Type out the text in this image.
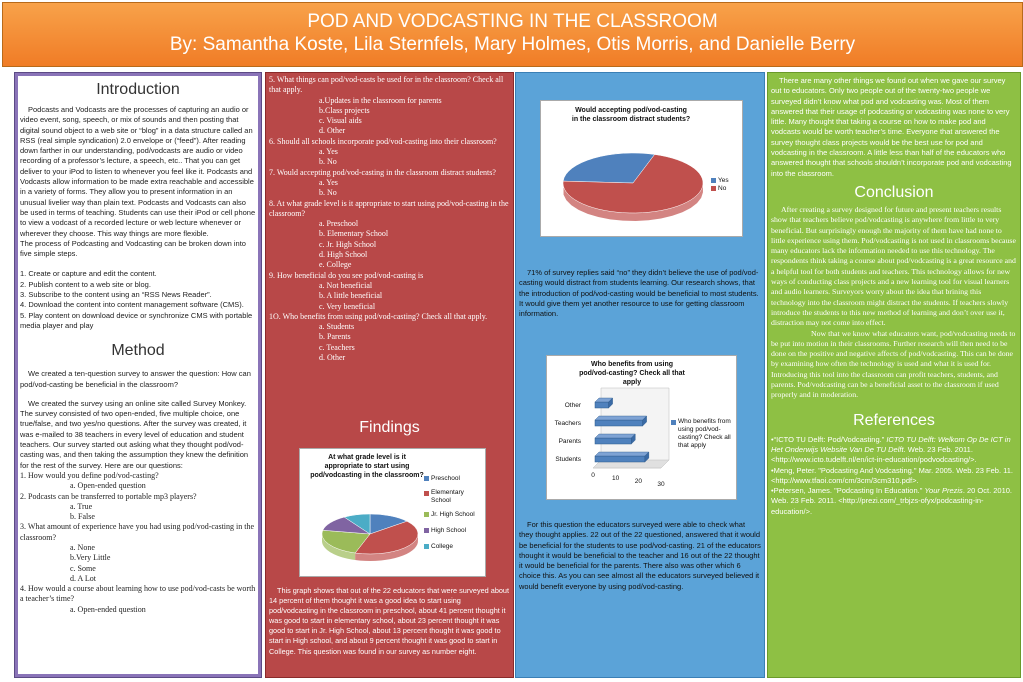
POD AND VODCASTING IN THE CLASSROOM
By: Samantha Koste, Lila Sternfels, Mary Holmes, Otis Morris, and Danielle Berry
Introduction

Podcasts and Vodcasts are the processes of capturing an audio or video event, song, speech, or mix of sounds and then posting that digital sound object to a web site or “blog” in a data structure called an RSS (real simple syndication) 2.0 envelope or (“feed”). After reading down farther in our understanding, pod/vodcasts are audio or video recording of a professor’s lecture, a speech, etc.. That you can get deliver to your iPod to listen to whenever you feel like it. Podcasts and Vodcasts allow information to be made extra reachable and accessible in a variety of forms. They allow you to present information in an unusual livelier way than plain text. Podcasts and Vodcasts can also be used in terms of teaching. Students can use their iPod or cell phone to view a vodcast of a recorded lecture or web lecture whenever or wherever they choose. This way things are more flexible.

The process of Podcasting and Vodcasting can be broken down into five simple steps.

1. Create or capture and edit the content.
2. Publish content to a web site or blog.
3. Subscribe to the content using an “RSS News Reader”.
4. Download the content into content management software (CMS).
5. Play content on download device or synchronize CMS with portable media player and play
Method

We created a ten-question survey to answer the question: How can pod/vod-casting be beneficial in the classroom?

We created the survey using an online site called Survey Monkey. The survey consisted of two open-ended, five multiple choice, one true/false, and two yes/no questions. After the survey was created, it was e-mailed to 38 teachers in every level of education and student teachers. Our survey started out asking what they thought pod/vod-casting was, and then taking the assumption they knew the definition for the rest of the survey. Here are our questions:

1. How would you define pod/vod-casting?
a. Open-ended question
2. Podcasts can be transferred to portable mp3 players?
a. True
b. False
3. What amount of experience have you had using pod/vod-casting in the classroom?
a. None
b.Very Little
c. Some
d. A Lot
4. How would a course about learning how to use pod/vod-casts be worth a teacher’s time?
a. Open-ended question
5. What things can pod/vod-casts be used for in the classroom? Check all that apply.
a.Updates in the classroom for parents
b.Class projects
c. Visual aids
d. Other
6. Should all schools incorporate pod/vod-casting into their classroom?
a. Yes
b. No
7. Would accepting pod/vod-casting in the classroom distract students?
a. Yes
b. No
8. At what grade level is it appropriate to start using pod/vod-casting in the classroom?
a. Preschool
b. Elementary School
c. Jr. High School
d. High School
e. College
9. How beneficial do you see pod/vod-casting is
a. Not beneficial
b. A little beneficial
c. Very beneficial
1O. Who benefits from using pod/vod-casting? Check all that apply.
a. Students
b. Parents
c. Teachers
d. Other
Findings
At what grade level is it appropriate to start using pod/vodcasting in the classroom?	Preschool
Elementary School
Jr. High School
High School
College

This graph shows that out of the 22 educators that were surveyed about 14 percent of them thought it was a good idea to start using pod/vodcasting in the classroom in preschool, about 41 percent thought it was good to start in elementary school, about 23 percent thought it was good to start in Jr. High School, about 13 percent thought it was good to start in High school, and about 9 percent thought it was good to start in College. This question was found in our survey as number eight.

Would accepting pod/vod-casting in the classroom distract students?
Yes
No

71% of survey replies said “no” they didn’t believe the use of pod/vod-casting would distract from students learning. Our research shows, that the introduction of pod/vod-casting would be beneficial to most students. It would give them yet another resource to use for getting classroom information.

Who benefits from using pod/vod-casting? Check all that apply
Students
Parents
Teachers
Other
0	10 20 30
Who benefits from using pod/vod-casting? Check all that apply

For this question the educators surveyed were able to check what they thought applies. 22 out of the 22 questioned, answered that it would be beneficial for the students to use pod/vod-casting. 21 of the educators thought it would be beneficial to the teacher and 16 out of the 22 thought it would be beneficial for the parents. There also was other which 6 choice this. As you can see almost all the educators surveyed believed it would benefit everyone by using pod/vod-casting.

There are many other things we found out when we gave our survey out to educators. Only two people out of the twenty-two people we surveyed didn’t know what pod and vodcasting was. Most of them answered that their usage of podcasting or vodcasting was none to very little. Many thought that taking a course on how to make pod and vodcasts would be worth teacher’s time. Everyone that answered the survey thought class projects would be the best use for pod and vodcasting in the classroom. A little less than half of the educators who answered thought that schools shouldn’t incorporate pod and vodcasting into the classroom.

Conclusion

After creating a survey designed for future and present teachers results show that teachers believe pod/vodcasting is anywhere from little to very beneficial. But surprisingly enough the majority of them have had none to little experience using them. Pod/vodcasting is not used in classrooms because many educators lack the information needed to use this technology. The respondents think taking a course about pod/vodcasting is a great resource and a helpful tool for both students and teachers. This technology allows for new ways of conducting class projects and a new learning tool for visual learners and audio learners. Surveyors worry about the idea that brining this technology into the classroom might distract the students. If teachers slowly introduce the students to this new method of learning and don’t over use it, distraction may not come into effect.

Now that we know what educators want, pod/vodcasting needs to be put into motion in their classrooms. Further research will then need to be done on the positive and negative affects of pod/vodcasting. This can be done by examining how often the technology is used and what it is used for. Introducing this tool into the classroom can profit teachers, students, and parents. Pod/vodcasting can be a beneficial asset to the classroom if used properly and in moderation.

References
•“ICTO TU Delft: Pod/Vodcasting.” ICTO TU Delft: Welkom Op De ICT in Het Onderwijs Website Van De TU Delft. Web. 23 Feb. 2011. <http://www.icto.tudelft.nl/en/ict-in-education/podvodcasting/>.
•Meng, Peter. "Podcasting And Vodcasting." Mar. 2005. Web. 23 Feb. 11. <http://www.tfaoi.com/cm/3cm/3cm310.pdf>.
•Petersen, James. "Podcasting In Education." Your Prezis. 20 Oct. 2010. Web. 23 Feb. 2011. <http://prezi.com/_trbjzs-ofyx/podcasting-in-education/>.
